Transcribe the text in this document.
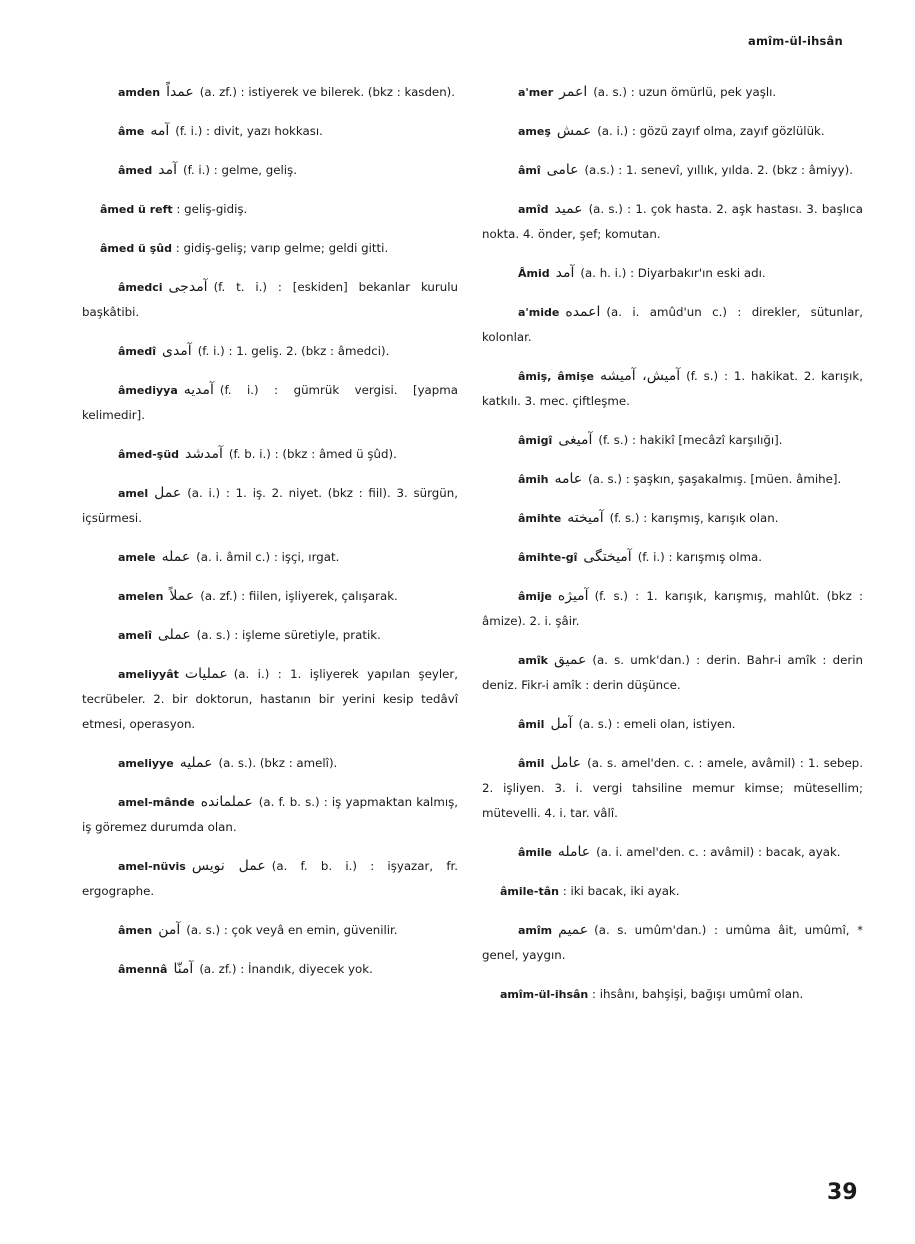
amîm-ül-ihsân

amden عمداً (a. zf.) : istiyerek ve bilerek. (bkz : kasden).

âme آمه (f. i.) : divit, yazı hokkası.

âmed آمد (f. i.) : gelme, geliş.

âmed ü reft : geliş-gidiş.

âmed ü şûd : gidiş-geliş; varıp gelme; geldi gitti.

âmedci آمدجی (f. t. i.) : [eskiden] bekanlar kurulu başkâtibi.

âmedî آمدی (f. i.) : 1. geliş. 2. (bkz : âmedci).

âmediyya آمدیه (f. i.) : gümrük vergisi. [yapma kelimedir].

âmed-şüd آمدشد (f. b. i.) : (bkz : âmed ü şûd).

amel عمل (a. i.) : 1. iş. 2. niyet. (bkz : fiil). 3. sürgün, içsürmesi.

amele عمله (a. i. âmil c.) : işçi, ırgat.

amelen عملاً (a. zf.) : fiilen, işliyerek, çalışarak.

amelî عملی (a. s.) : işleme süretiyle, pratik.

ameliyyât عملیات (a. i.) : 1. işliyerek yapılan şeyler, tecrübeler. 2. bir doktorun, hastanın bir yerini kesip tedâvî etmesi, operasyon.

ameliyye عملیه (a. s.). (bkz : amelî).

amel-mânde عملمانده (a. f. b. s.) : iş yapmaktan kalmış, iş göremez durumda olan.

amel-nüvis عمل نویس (a. f. b. i.) : işyazar, fr. ergographe.

âmen آمن (a. s.) : çok veyâ en emin, güvenilir.

âmennâ آمنّا (a. zf.) : İnandık, diyecek yok.

a'mer اعمر (a. s.) : uzun ömürlü, pek yaşlı.

ameş عمش (a. i.) : gözü zayıf olma, zayıf gözlülük.

âmî عامی (a.s.) : 1. senevî, yıllık, yılda. 2. (bkz : âmiyy).

amîd عمید (a. s.) : 1. çok hasta. 2. aşk hastası. 3. başlıca nokta. 4. önder, şef; komutan.

Âmid آمد (a. h. i.) : Diyarbakır'ın eski adı.

a'mide اعمده (a. i. amûd'un c.) : direkler, sütunlar, kolonlar.

âmiş, âmişe آمیش، آمیشه (f. s.) : 1. hakikat. 2. karışık, katkılı. 3. mec. çiftleşme.

âmigî آمیغی (f. s.) : hakikî [mecâzî karşılığı].

âmih عامه (a. s.) : şaşkın, şaşakalmış. [müen. âmihe].

âmihte آمیخته (f. s.) : karışmış, karışık olan.

âmihte-gî آمیختگی (f. i.) : karışmış olma.

âmije آمیژه (f. s.) : 1. karışık, karışmış, mahlût. (bkz : âmize). 2. i. şâir.

amîk عمیق (a. s. umk'dan.) : derin. Bahr-i amîk : derin deniz. Fikr-i amîk : derin düşünce.

âmil آمل (a. s.) : emeli olan, istiyen.

âmil عامل (a. s. amel'den. c. : amele, avâmil) : 1. sebep. 2. işliyen. 3. i. vergi tahsiline memur kimse; mütesellim; mütevelli. 4. i. tar. vâlî.

âmile عامله (a. i. amel'den. c. : avâmil) : bacak, ayak.

âmile-tân : iki bacak, iki ayak.

amîm عمیم (a. s. umûm'dan.) : umûma âit, umûmî, * genel, yaygın.

amîm-ül-ihsân : ihsânı, bahşişi, bağışı umûmî olan.

39
